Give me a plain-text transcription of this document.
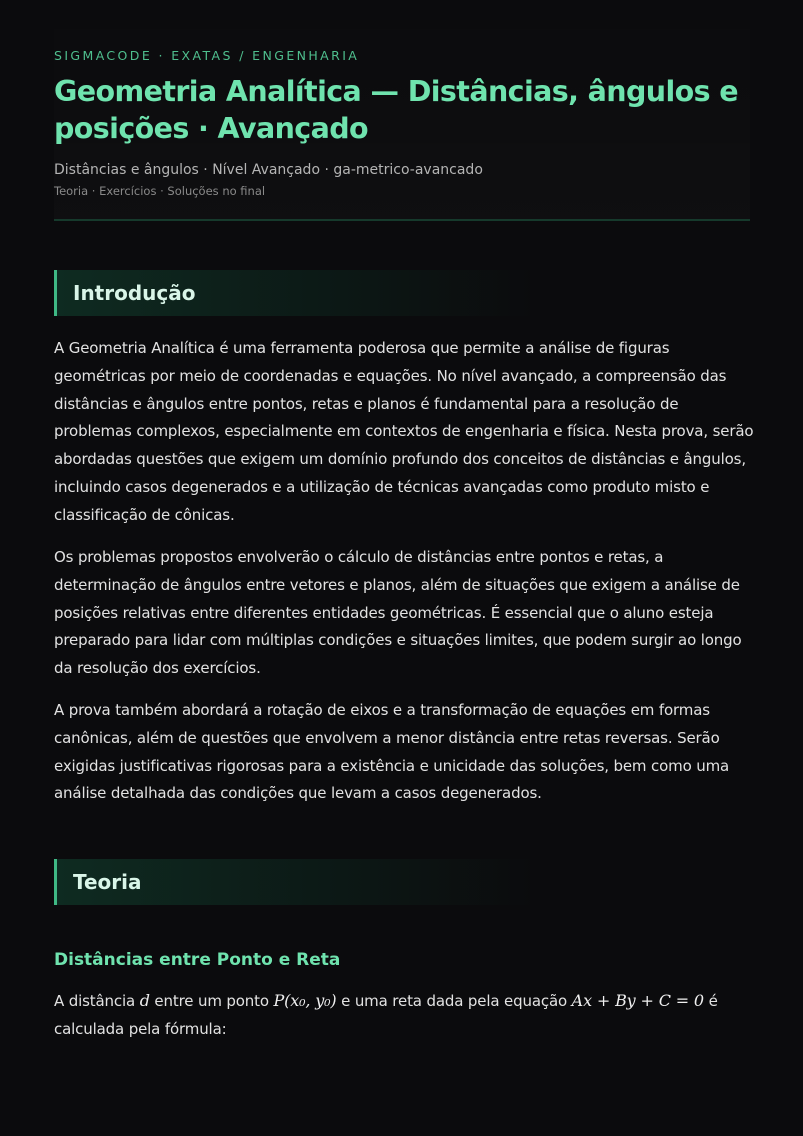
SIGMACODE · EXATAS / ENGENHARIA

Geometria Analítica — Distâncias, ângulos e posições · Avançado

Distâncias e ângulos · Nível Avançado · ga-metrico-avancado

Teoria · Exercícios · Soluções no final

Introdução

A Geometria Analítica é uma ferramenta poderosa que permite a análise de figuras geométricas por meio de coordenadas e equações. No nível avançado, a compreensão das distâncias e ângulos entre pontos, retas e planos é fundamental para a resolução de problemas complexos, especialmente em contextos de engenharia e física. Nesta prova, serão abordadas questões que exigem um domínio profundo dos conceitos de distâncias e ângulos, incluindo casos degenerados e a utilização de técnicas avançadas como produto misto e classificação de cônicas.

Os problemas propostos envolverão o cálculo de distâncias entre pontos e retas, a determinação de ângulos entre vetores e planos, além de situações que exigem a análise de posições relativas entre diferentes entidades geométricas. É essencial que o aluno esteja preparado para lidar com múltiplas condições e situações limites, que podem surgir ao longo da resolução dos exercícios.

A prova também abordará a rotação de eixos e a transformação de equações em formas canônicas, além de questões que envolvem a menor distância entre retas reversas. Serão exigidas justificativas rigorosas para a existência e unicidade das soluções, bem como uma análise detalhada das condições que levam a casos degenerados.

Teoria
Distâncias entre Ponto e Reta

A distância d entre um ponto P(x₀, y₀) e uma reta dada pela equação Ax + By + C = 0 é calculada pela fórmula:
